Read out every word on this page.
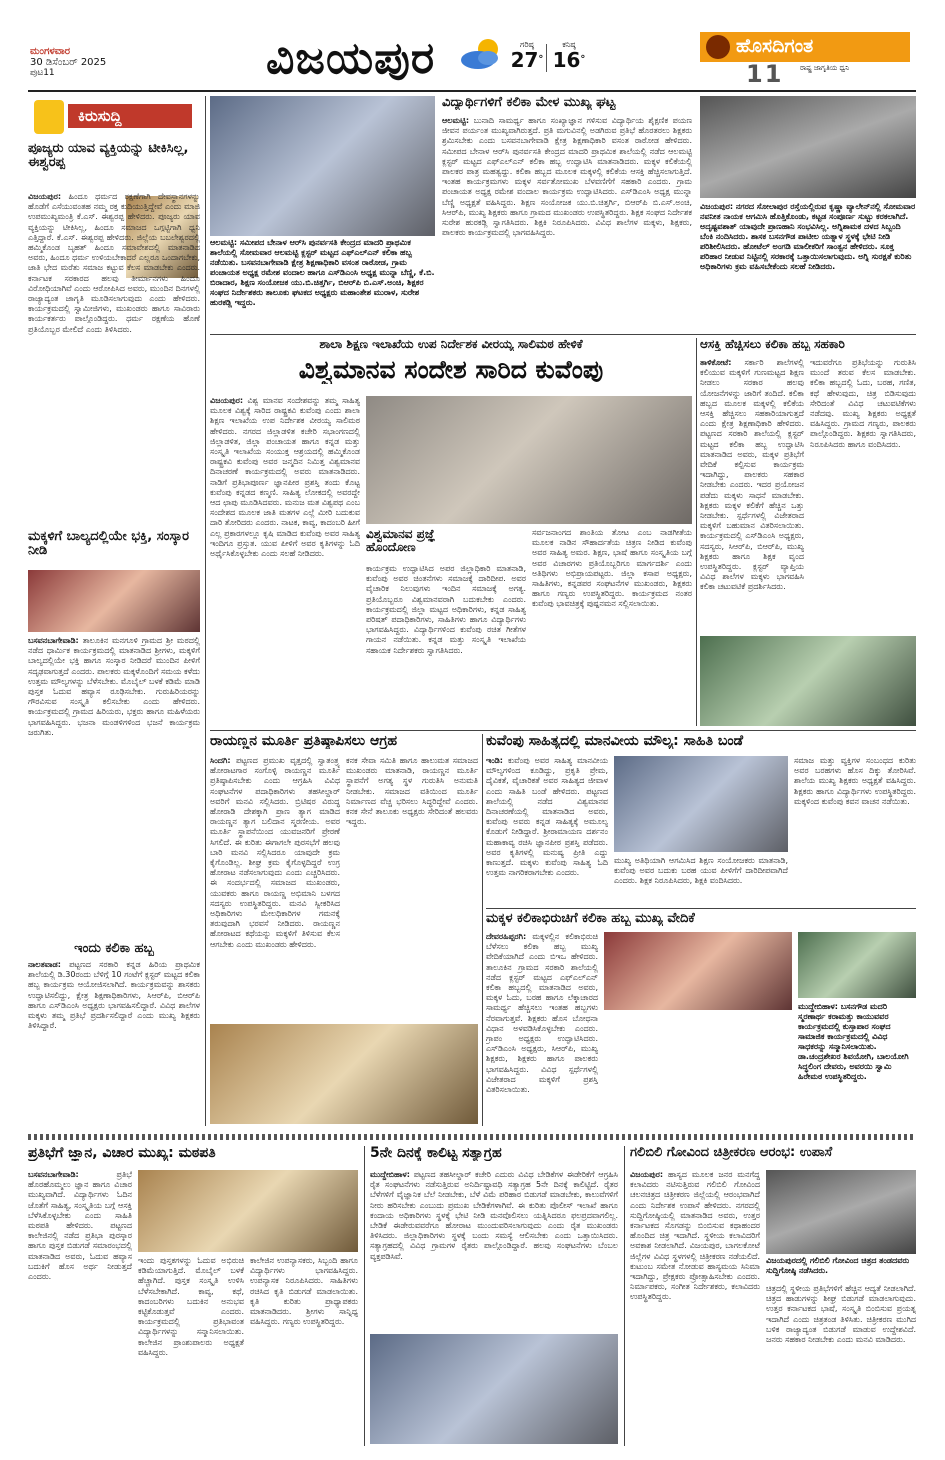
ಮಂಗಳವಾರ
30 ಡಿಸೆಂಬರ್ 2025
ಪುಟ11	ವಿಜಯಪುರ	ಗರಿಷ್ಠ
27°
ಕನಿಷ್ಠ
16°
ಹೊಸದಿಗಂತ
ರಾಷ್ಟ್ರ ಜಾಗೃತಿಯ ಧ್ವನಿ
11
ಕಿರುಸುದ್ದಿ
ಪೂಜ್ಯರು ಯಾವ ವ್ಯಕ್ತಿಯನ್ನು ಟೀಕಿಸಿಲ್ಲ, ಈಶ್ವರಪ್ಪ
ವಿಜಯಪುರ: ಹಿಂದೂ ಧರ್ಮದ ರಕ್ಷಣೆಗಾಗಿ ದೇವಸ್ಥಾನಗಳನ್ನು ಹೊಡೆಗೆ ಎಸೆಯುವಂತಹ ನಮ್ಮ ರಕ್ತ ಕುದಿಯುತ್ತಿದ್ದೇವೆ ಎಂದು ಮಾಜಿ ಉಪಮುಖ್ಯಮಂತ್ರಿ ಕೆ.ಎಸ್. ಈಶ್ವರಪ್ಪ ಹೇಳಿದರು. ಪೂಜ್ಯರು ಯಾವ ವ್ಯಕ್ತಿಯನ್ನು ಟೀಕಿಸಿಲ್ಲ, ಹಿಂದೂ ಸಮಾಜದ ಒಗ್ಗಟ್ಟಿಗಾಗಿ ಧ್ವನಿ ಎತ್ತಿದ್ದಾರೆ. ಕೆ.ಎಸ್. ಈಶ್ವರಪ್ಪ ಹೇಳಿದರು. ಜಿಲ್ಲೆಯ ಬಬಲೇಶ್ವರದಲ್ಲಿ ಹಮ್ಮಿಕೊಂಡ ಬೃಹತ್ ಹಿಂದೂ ಸಮಾವೇಶದಲ್ಲಿ ಮಾತನಾಡಿದ ಅವರು, ಹಿಂದೂ ಧರ್ಮ ಉಳಿಯಬೇಕಾದರೆ ಎಲ್ಲರೂ ಒಂದಾಗಬೇಕು, ಜಾತಿ ಭೇದ ಮರೆತು ಸಮಾಜ ಕಟ್ಟುವ ಕೆಲಸ ಮಾಡಬೇಕು ಎಂದರು. ಕರ್ನಾಟಕ ಸರಕಾರದ ಹಲವು ತೀರ್ಮಾನಗಳು ಹಿಂದೂ ವಿರೋಧಿಯಾಗಿವೆ ಎಂದು ಆರೋಪಿಸಿದ ಅವರು, ಮುಂದಿನ ದಿನಗಳಲ್ಲಿ ರಾಜ್ಯಾದ್ಯಂತ ಜಾಗೃತಿ ಮೂಡಿಸಲಾಗುವುದು ಎಂದು ಹೇಳಿದರು. ಕಾರ್ಯಕ್ರಮದಲ್ಲಿ ಸ್ವಾಮೀಜಿಗಳು, ಮುಖಂಡರು ಹಾಗೂ ಸಾವಿರಾರು ಕಾರ್ಯಕರ್ತರು ಪಾಲ್ಗೊಂಡಿದ್ದರು. ಧರ್ಮ ರಕ್ಷಣೆಯ ಹೊಣೆ ಪ್ರತಿಯೊಬ್ಬರ ಮೇಲಿದೆ ಎಂದು ತಿಳಿಸಿದರು.
ಮಕ್ಕಳಿಗೆ ಬಾಲ್ಯದಲ್ಲಿಯೇ ಭಕ್ತಿ, ಸಂಸ್ಕಾರ ನೀಡಿ
ಬಸವನಬಾಗೇವಾಡಿ: ತಾಲೂಕಿನ ಮನಗೂಳಿ ಗ್ರಾಮದ ಶ್ರೀ ಮಠದಲ್ಲಿ ನಡೆದ ಧಾರ್ಮಿಕ ಕಾರ್ಯಕ್ರಮದಲ್ಲಿ ಮಾತನಾಡಿದ ಶ್ರೀಗಳು, ಮಕ್ಕಳಿಗೆ ಬಾಲ್ಯದಲ್ಲಿಯೇ ಭಕ್ತಿ ಹಾಗೂ ಸಂಸ್ಕಾರ ನೀಡಿದರೆ ಮುಂದಿನ ಪೀಳಿಗೆ ಸದೃಢವಾಗುತ್ತದೆ ಎಂದರು. ಪಾಲಕರು ಮಕ್ಕಳೊಂದಿಗೆ ಸಮಯ ಕಳೆದು ಉತ್ತಮ ಮೌಲ್ಯಗಳನ್ನು ಬೆಳೆಸಬೇಕು. ಮೊಬೈಲ್ ಬಳಕೆ ಕಡಿಮೆ ಮಾಡಿ ಪುಸ್ತಕ ಓದುವ ಹವ್ಯಾಸ ರೂಢಿಸಬೇಕು. ಗುರುಹಿರಿಯರನ್ನು ಗೌರವಿಸುವ ಸಂಸ್ಕೃತಿ ಕಲಿಸಬೇಕು ಎಂದು ಹೇಳಿದರು. ಕಾರ್ಯಕ್ರಮದಲ್ಲಿ ಗ್ರಾಮದ ಹಿರಿಯರು, ಭಕ್ತರು ಹಾಗೂ ಮಹಿಳೆಯರು ಭಾಗವಹಿಸಿದ್ದರು. ಭಜನಾ ಮಂಡಳಿಗಳಿಂದ ಭಜನೆ ಕಾರ್ಯಕ್ರಮ ಜರುಗಿತು.
ಇಂದು ಕಲಿಕಾ ಹಬ್ಬ
ನಾಲತವಾಡ: ಪಟ್ಟಣದ ಸರಕಾರಿ ಕನ್ನಡ ಹಿರಿಯ ಪ್ರಾಥಮಿಕ ಶಾಲೆಯಲ್ಲಿ ಡಿ.30ರಂದು ಬೆಳಿಗ್ಗೆ 10 ಗಂಟೆಗೆ ಕ್ಲಸ್ಟರ್ ಮಟ್ಟದ ಕಲಿಕಾ ಹಬ್ಬ ಕಾರ್ಯಕ್ರಮ ಆಯೋಜಿಸಲಾಗಿದೆ. ಕಾರ್ಯಕ್ರಮವನ್ನು ಶಾಸಕರು ಉದ್ಘಾಟಿಸಲಿದ್ದು, ಕ್ಷೇತ್ರ ಶಿಕ್ಷಣಾಧಿಕಾರಿಗಳು, ಸಿಆರ್‌ಪಿ, ಬಿಆರ್‌ಪಿ ಹಾಗೂ ಎಸ್‌ಡಿಎಂಸಿ ಅಧ್ಯಕ್ಷರು ಭಾಗವಹಿಸಲಿದ್ದಾರೆ. ವಿವಿಧ ಶಾಲೆಗಳ ಮಕ್ಕಳು ತಮ್ಮ ಪ್ರತಿಭೆ ಪ್ರದರ್ಶಿಸಲಿದ್ದಾರೆ ಎಂದು ಮುಖ್ಯ ಶಿಕ್ಷಕರು ತಿಳಿಸಿದ್ದಾರೆ.
ಆಲಮಟ್ಟಿ: ಸಮೀಪದ ಬೇನಾಳ ಆರ್‌ಸಿ ಪುನರ್ವಸತಿ ಕೇಂದ್ರದ ಮಾದರಿ ಪ್ರಾಥಮಿಕ ಶಾಲೆಯಲ್ಲಿ ಸೋಮವಾರ ಆಲಮಟ್ಟಿ ಕ್ಲಸ್ಟರ್ ಮಟ್ಟದ ಎಫ್‌ಎಲ್‌ಎನ್ ಕಲಿಕಾ ಹಬ್ಬ ನಡೆಯಿತು. ಬಸವನಬಾಗೇವಾಡಿ ಕ್ಷೇತ್ರ ಶಿಕ್ಷಣಾಧಿಕಾರಿ ವಸಂತ ರಾಠೋಡ, ಗ್ರಾಮ ಪಂಚಾಯತ ಅಧ್ಯಕ್ಷ ರಮೇಶ ವಂದಾಲ ಹಾಗೂ ಎಸ್‌ಡಿಎಂಸಿ ಅಧ್ಯಕ್ಷ ಮುನ್ನಾ ಬೆಣ್ಣಿ, ಕೆ.ಬಿ. ಬಿರಾದಾರ, ಶಿಕ್ಷಣ ಸಂಯೋಜಕ ಯು.ಬಿ.ಚಿತ್ತರ್ಗಿ, ಬಿಆರ್‌ಪಿ ಬಿ.ಎಸ್.ಅಂಚಿ, ಶಿಕ್ಷಕರ ಸಂಘದ ನಿರ್ದೇಶಕರು ತಾಲೂಕು ಘಟಕದ ಅಧ್ಯಕ್ಷರು ಮಹಾಂತೇಶ ಮುರಾಳ, ಸುರೇಶ ಹುರಕಡ್ಲಿ ಇದ್ದರು.
ವಿದ್ಯಾರ್ಥಿಗಳಿಗೆ ಕಲಿಕಾ ಮೇಳ ಮುಖ್ಯ ಘಟ್ಟ
ಆಲಮಟ್ಟಿ: ಬುನಾದಿ ಸಾಮರ್ಥ್ಯ ಹಾಗೂ ಸಂಖ್ಯಾಜ್ಞಾನ ಗಳಿಸುವ ವಿದ್ಯಾರ್ಥಿಯ ಶೈಕ್ಷಣಿಕ ಪಯಣ ಜೀವನ ಪರ್ಯಂತ ಮುಖ್ಯವಾಗಿರುತ್ತದೆ. ಪ್ರತಿ ಮಗುವಿನಲ್ಲಿ ಅಡಗಿರುವ ಪ್ರತಿಭೆ ಹೊರತರಲು ಶಿಕ್ಷಕರು ಶ್ರಮಿಸಬೇಕು ಎಂದು ಬಸವನಬಾಗೇವಾಡಿ ಕ್ಷೇತ್ರ ಶಿಕ್ಷಣಾಧಿಕಾರಿ ವಸಂತ ರಾಠೋಡ ಹೇಳಿದರು. ಸಮೀಪದ ಬೇನಾಳ ಆರ್‌ಸಿ ಪುನರ್ವಸತಿ ಕೇಂದ್ರದ ಮಾದರಿ ಪ್ರಾಥಮಿಕ ಶಾಲೆಯಲ್ಲಿ ನಡೆದ ಆಲಮಟ್ಟಿ ಕ್ಲಸ್ಟರ್ ಮಟ್ಟದ ಎಫ್‌ಎಲ್‌ಎನ್ ಕಲಿಕಾ ಹಬ್ಬ ಉದ್ಘಾಟಿಸಿ ಮಾತನಾಡಿದರು. ಮಕ್ಕಳ ಕಲಿಕೆಯಲ್ಲಿ ಪಾಲಕರ ಪಾತ್ರ ಮಹತ್ವದ್ದು. ಕಲಿಕಾ ಹಬ್ಬದ ಮೂಲಕ ಮಕ್ಕಳಲ್ಲಿ ಕಲಿಕೆಯ ಆಸಕ್ತಿ ಹೆಚ್ಚಿಸಲಾಗುತ್ತಿದೆ. ಇಂತಹ ಕಾರ್ಯಕ್ರಮಗಳು ಮಕ್ಕಳ ಸರ್ವತೋಮುಖ ಬೆಳವಣಿಗೆಗೆ ಸಹಕಾರಿ ಎಂದರು. ಗ್ರಾಮ ಪಂಚಾಯತ ಅಧ್ಯಕ್ಷ ರಮೇಶ ವಂದಾಲ ಕಾರ್ಯಕ್ರಮ ಉದ್ಘಾಟಿಸಿದರು. ಎಸ್‌ಡಿಎಂಸಿ ಅಧ್ಯಕ್ಷ ಮುನ್ನಾ ಬೆಣ್ಣಿ ಅಧ್ಯಕ್ಷತೆ ವಹಿಸಿದ್ದರು. ಶಿಕ್ಷಣ ಸಂಯೋಜಕ ಯು.ಬಿ.ಚಿತ್ತರ್ಗಿ, ಬಿಆರ್‌ಪಿ ಬಿ.ಎಸ್.ಅಂಚಿ, ಸಿಆರ್‌ಪಿ, ಮುಖ್ಯ ಶಿಕ್ಷಕರು ಹಾಗೂ ಗ್ರಾಮದ ಮುಖಂಡರು ಉಪಸ್ಥಿತರಿದ್ದರು. ಶಿಕ್ಷಕ ಸಂಘದ ನಿರ್ದೇಶಕ ಸುರೇಶ ಹುರಕಡ್ಲಿ ಸ್ವಾಗತಿಸಿದರು. ಶಿಕ್ಷಕಿ ನಿರೂಪಿಸಿದರು. ವಿವಿಧ ಶಾಲೆಗಳ ಮಕ್ಕಳು, ಶಿಕ್ಷಕರು, ಪಾಲಕರು ಕಾರ್ಯಕ್ರಮದಲ್ಲಿ ಭಾಗವಹಿಸಿದ್ದರು.
ವಿಜಯಪುರ: ನಗರದ ಸೋಲಾಪುರ ರಸ್ತೆಯಲ್ಲಿರುವ ಕೃಷ್ಣಾ ವ್ಯಾಲೇನ್‌ನಲ್ಲಿ ಸೋಮವಾರ ನವನೀತ ನಾಯಕ ಆಗಮಿಸಿ ಹೊತ್ತಿಕೊಂಡು, ಕಟ್ಟಡ ಸಂಪೂರ್ಣ ಸುಟ್ಟು ಕರಕಲಾಗಿದೆ. ಅದೃಷ್ಟವಶಾತ್ ಯಾವುದೇ ಪ್ರಾಣಹಾನಿ ಸಂಭವಿಸಿಲ್ಲ. ಅಗ್ನಿಶಾಮಕ ದಳದ ಸಿಬ್ಬಂದಿ ಬೆಂಕಿ ನಂದಿಸಿದರು. ಶಾಸಕ ಬಸನಗೌಡ ಪಾಟೀಲ ಯತ್ನಾಳ ಸ್ಥಳಕ್ಕೆ ಭೇಟಿ ನೀಡಿ ಪರಿಶೀಲಿಸಿದರು. ಹೋಟೆಲ್ ಅಂಗಡಿ ಮಾಲೀಕರಿಗೆ ಸಾಂತ್ವನ ಹೇಳಿದರು. ಸೂಕ್ತ ಪರಿಹಾರ ನೀಡುವ ನಿಟ್ಟಿನಲ್ಲಿ ಸರಕಾರಕ್ಕೆ ಒತ್ತಾಯಿಸಲಾಗುವುದು. ಅಗ್ನಿ ಸುರಕ್ಷತೆ ಕುರಿತು ಅಧಿಕಾರಿಗಳು ಕ್ರಮ ವಹಿಸಬೇಕೆಂದು ಸಲಹೆ ನೀಡಿದರು.
ಶಾಲಾ ಶಿಕ್ಷಣ ಇಲಾಖೆಯ ಉಪ ನಿರ್ದೇಶಕ ವೀರಯ್ಯ ಸಾಲಿಮಠ ಹೇಳಿಕೆ
ವಿಶ್ವಮಾನವ ಸಂದೇಶ ಸಾರಿದ ಕುವೆಂಪು
ವಿಜಯಪುರ: ವಿಶ್ವ ಮಾನವ ಸಂದೇಶವನ್ನು ತಮ್ಮ ಸಾಹಿತ್ಯ ಮೂಲಕ ವಿಶ್ವಕ್ಕೆ ಸಾರಿದ ರಾಷ್ಟ್ರಕವಿ ಕುವೆಂಪು ಎಂದು ಶಾಲಾ ಶಿಕ್ಷಣ ಇಲಾಖೆಯ ಉಪ ನಿರ್ದೇಶಕ ವೀರಯ್ಯ ಸಾಲಿಮಠ ಹೇಳಿದರು. ನಗರದ ಜಿಲ್ಲಾಡಳಿತ ಕಚೇರಿ ಸಭಾಂಗಣದಲ್ಲಿ ಜಿಲ್ಲಾಡಳಿತ, ಜಿಲ್ಲಾ ಪಂಚಾಯತ ಹಾಗೂ ಕನ್ನಡ ಮತ್ತು ಸಂಸ್ಕೃತಿ ಇಲಾಖೆಯ ಸಂಯುಕ್ತ ಆಶ್ರಯದಲ್ಲಿ ಹಮ್ಮಿಕೊಂಡ ರಾಷ್ಟ್ರಕವಿ ಕುವೆಂಪು ಅವರ ಜನ್ಮದಿನ ನಿಮಿತ್ತ ವಿಶ್ವಮಾನವ ದಿನಾಚರಣೆ ಕಾರ್ಯಕ್ರಮದಲ್ಲಿ ಅವರು ಮಾತನಾಡಿದರು. ನಾಡಿಗೆ ಪ್ರತಿಭಾಪೂರ್ಣ ಜ್ಞಾನಪೀಠ ಪ್ರಶಸ್ತಿ ತಂದು ಕೊಟ್ಟ ಕುವೆಂಪು ಕನ್ನಡದ ಕಣ್ಮಣಿ. ಸಾಹಿತ್ಯ ಲೋಕದಲ್ಲಿ ಅವರದ್ದೇ ಆದ ಛಾಪು ಮೂಡಿಸಿದವರು. ಮನುಜ ಮತ ವಿಶ್ವಪಥ ಎಂಬ ಸಂದೇಶದ ಮೂಲಕ ಜಾತಿ ಮತಗಳ ಎಲ್ಲೆ ಮೀರಿ ಬದುಕುವ ದಾರಿ ತೋರಿದರು ಎಂದರು. ನಾಟಕ, ಕಾವ್ಯ, ಕಾದಂಬರಿ ಹೀಗೆ ಎಲ್ಲ ಪ್ರಕಾರಗಳಲ್ಲೂ ಕೃಷಿ ಮಾಡಿದ ಕುವೆಂಪು ಅವರ ಸಾಹಿತ್ಯ ಇಂದಿಗೂ ಪ್ರಸ್ತುತ. ಯುವ ಪೀಳಿಗೆ ಅವರ ಕೃತಿಗಳನ್ನು ಓದಿ ಅರ್ಥೈಸಿಕೊಳ್ಳಬೇಕು ಎಂದು ಸಲಹೆ ನೀಡಿದರು.
ವಿಶ್ವಮಾನವ ಪ್ರಜ್ಞೆ
ಹೊಂದೋಣ
ಕಾರ್ಯಕ್ರಮ ಉದ್ಘಾಟಿಸಿದ ಅಪರ ಜಿಲ್ಲಾಧಿಕಾರಿ ಮಾತನಾಡಿ, ಕುವೆಂಪು ಅವರ ಚಿಂತನೆಗಳು ಸಮಾಜಕ್ಕೆ ದಾರಿದೀಪ. ಅವರ ವೈಚಾರಿಕ ನಿಲುವುಗಳು ಇಂದಿನ ಸಮಾಜಕ್ಕೆ ಅಗತ್ಯ. ಪ್ರತಿಯೊಬ್ಬರೂ ವಿಶ್ವಮಾನವರಾಗಿ ಬದುಕಬೇಕು ಎಂದರು. ಕಾರ್ಯಕ್ರಮದಲ್ಲಿ ಜಿಲ್ಲಾ ಮಟ್ಟದ ಅಧಿಕಾರಿಗಳು, ಕನ್ನಡ ಸಾಹಿತ್ಯ ಪರಿಷತ್ ಪದಾಧಿಕಾರಿಗಳು, ಸಾಹಿತಿಗಳು ಹಾಗೂ ವಿದ್ಯಾರ್ಥಿಗಳು ಭಾಗವಹಿಸಿದ್ದರು. ವಿದ್ಯಾರ್ಥಿಗಳಿಂದ ಕುವೆಂಪು ರಚಿತ ಗೀತೆಗಳ ಗಾಯನ ನಡೆಯಿತು. ಕನ್ನಡ ಮತ್ತು ಸಂಸ್ಕೃತಿ ಇಲಾಖೆಯ ಸಹಾಯಕ ನಿರ್ದೇಶಕರು ಸ್ವಾಗತಿಸಿದರು.
ಸರ್ವಜನಾಂಗದ ಶಾಂತಿಯ ತೋಟ ಎಂಬ ನಾಡಗೀತೆಯ ಮೂಲಕ ನಾಡಿನ ಸೌಹಾರ್ದತೆಯ ಚಿತ್ರಣ ನೀಡಿದ ಕುವೆಂಪು ಅವರ ಸಾಹಿತ್ಯ ಅಮರ. ಶಿಕ್ಷಣ, ಭಾಷೆ ಹಾಗೂ ಸಂಸ್ಕೃತಿಯ ಬಗ್ಗೆ ಅವರ ವಿಚಾರಗಳು ಪ್ರತಿಯೊಬ್ಬರಿಗೂ ಮಾರ್ಗದರ್ಶಿ ಎಂದು ಅತಿಥಿಗಳು ಅಭಿಪ್ರಾಯಪಟ್ಟರು. ಜಿಲ್ಲಾ ಕಸಾಪ ಅಧ್ಯಕ್ಷರು, ಸಾಹಿತಿಗಳು, ಕನ್ನಡಪರ ಸಂಘಟನೆಗಳ ಮುಖಂಡರು, ಶಿಕ್ಷಕರು ಹಾಗೂ ಗಣ್ಯರು ಉಪಸ್ಥಿತರಿದ್ದರು. ಕಾರ್ಯಕ್ರಮದ ನಂತರ ಕುವೆಂಪು ಭಾವಚಿತ್ರಕ್ಕೆ ಪುಷ್ಪನಮನ ಸಲ್ಲಿಸಲಾಯಿತು.
ಆಸಕ್ತಿ ಹೆಚ್ಚಿಸಲು ಕಲಿಕಾ ಹಬ್ಬ ಸಹಕಾರಿ
ತಾಳಿಕೋಟೆ: ಸರ್ಕಾರಿ ಶಾಲೆಗಳಲ್ಲಿ ಕಲಿಯುವ ಮಕ್ಕಳಿಗೆ ಗುಣಮಟ್ಟದ ಶಿಕ್ಷಣ ನೀಡಲು ಸರಕಾರ ಹಲವು ಯೋಜನೆಗಳನ್ನು ಜಾರಿಗೆ ತಂದಿದೆ. ಕಲಿಕಾ ಹಬ್ಬದ ಮೂಲಕ ಮಕ್ಕಳಲ್ಲಿ ಕಲಿಕೆಯ ಆಸಕ್ತಿ ಹೆಚ್ಚಿಸಲು ಸಹಕಾರಿಯಾಗುತ್ತದೆ ಎಂದು ಕ್ಷೇತ್ರ ಶಿಕ್ಷಣಾಧಿಕಾರಿ ಹೇಳಿದರು. ಪಟ್ಟಣದ ಸರಕಾರಿ ಶಾಲೆಯಲ್ಲಿ ಕ್ಲಸ್ಟರ್ ಮಟ್ಟದ ಕಲಿಕಾ ಹಬ್ಬ ಉದ್ಘಾಟಿಸಿ ಮಾತನಾಡಿದ ಅವರು, ಮಕ್ಕಳ ಪ್ರತಿಭೆಗೆ ವೇದಿಕೆ ಕಲ್ಪಿಸುವ ಕಾರ್ಯಕ್ರಮ ಇದಾಗಿದ್ದು, ಪಾಲಕರು ಸಹಕಾರ ನೀಡಬೇಕು ಎಂದರು. ಇದರ ಪ್ರಯೋಜನ ಪಡೆದು ಮಕ್ಕಳು ಸಾಧನೆ ಮಾಡಬೇಕು. ಶಿಕ್ಷಕರು ಮಕ್ಕಳ ಕಲಿಕೆಗೆ ಹೆಚ್ಚಿನ ಒತ್ತು ನೀಡಬೇಕು. ಸ್ಪರ್ಧೆಗಳಲ್ಲಿ ವಿಜೇತರಾದ ಮಕ್ಕಳಿಗೆ ಬಹುಮಾನ ವಿತರಿಸಲಾಯಿತು. ಕಾರ್ಯಕ್ರಮದಲ್ಲಿ ಎಸ್‌ಡಿಎಂಸಿ ಅಧ್ಯಕ್ಷರು, ಸದಸ್ಯರು, ಸಿಆರ್‌ಪಿ, ಬಿಆರ್‌ಪಿ, ಮುಖ್ಯ ಶಿಕ್ಷಕರು ಹಾಗೂ ಶಿಕ್ಷಕ ವೃಂದ ಉಪಸ್ಥಿತರಿದ್ದರು. ಕ್ಲಸ್ಟರ್ ವ್ಯಾಪ್ತಿಯ ವಿವಿಧ ಶಾಲೆಗಳ ಮಕ್ಕಳು ಭಾಗವಹಿಸಿ ಕಲಿಕಾ ಚಟುವಟಿಕೆ ಪ್ರದರ್ಶಿಸಿದರು.
ಇದುವರೆಗೂ ಪ್ರತಿಭೆಯನ್ನು ಗುರುತಿಸಿ ಮುಂದೆ ತರುವ ಕೆಲಸ ಮಾಡಬೇಕು. ಕಲಿಕಾ ಹಬ್ಬದಲ್ಲಿ ಓದು, ಬರಹ, ಗಣಿತ, ಕಥೆ ಹೇಳುವುದು, ಚಿತ್ರ ಬಿಡಿಸುವುದು ಸೇರಿದಂತೆ ವಿವಿಧ ಚಟುವಟಿಕೆಗಳು ನಡೆದವು. ಮುಖ್ಯ ಶಿಕ್ಷಕರು ಅಧ್ಯಕ್ಷತೆ ವಹಿಸಿದ್ದರು. ಗ್ರಾಮದ ಗಣ್ಯರು, ಪಾಲಕರು ಪಾಲ್ಗೊಂಡಿದ್ದರು. ಶಿಕ್ಷಕರು ಸ್ವಾಗತಿಸಿದರು, ನಿರೂಪಿಸಿದರು ಹಾಗೂ ವಂದಿಸಿದರು.
ರಾಯಣ್ಣನ ಮೂರ್ತಿ ಪ್ರತಿಷ್ಠಾಪಿಸಲು ಆಗ್ರಹ
ಸಿಂದಗಿ: ಪಟ್ಟಣದ ಪ್ರಮುಖ ವೃತ್ತದಲ್ಲಿ ಸ್ವಾತಂತ್ರ್ಯ ಹೋರಾಟಗಾರ ಸಂಗೊಳ್ಳಿ ರಾಯಣ್ಣನ ಮೂರ್ತಿ ಪ್ರತಿಷ್ಠಾಪಿಸಬೇಕು ಎಂದು ಆಗ್ರಹಿಸಿ ವಿವಿಧ ಸಂಘಟನೆಗಳ ಪದಾಧಿಕಾರಿಗಳು ತಹಸೀಲ್ದಾರ್ ಅವರಿಗೆ ಮನವಿ ಸಲ್ಲಿಸಿದರು. ಬ್ರಿಟಿಷರ ವಿರುದ್ಧ ಹೋರಾಡಿ ದೇಶಕ್ಕಾಗಿ ಪ್ರಾಣ ತ್ಯಾಗ ಮಾಡಿದ ರಾಯಣ್ಣನ ತ್ಯಾಗ ಬಲಿದಾನ ಸ್ಮರಣೀಯ. ಅವರ ಮೂರ್ತಿ ಸ್ಥಾಪನೆಯಿಂದ ಯುವಜನರಿಗೆ ಪ್ರೇರಣೆ ಸಿಗಲಿದೆ. ಈ ಕುರಿತು ಈಗಾಗಲೇ ಪುರಸಭೆಗೆ ಹಲವು ಬಾರಿ ಮನವಿ ಸಲ್ಲಿಸಿದರೂ ಯಾವುದೇ ಕ್ರಮ ಕೈಗೊಂಡಿಲ್ಲ. ಶೀಘ್ರ ಕ್ರಮ ಕೈಗೊಳ್ಳದಿದ್ದರೆ ಉಗ್ರ ಹೋರಾಟ ನಡೆಸಲಾಗುವುದು ಎಂದು ಎಚ್ಚರಿಸಿದರು. ಈ ಸಂದರ್ಭದಲ್ಲಿ ಸಮಾಜದ ಮುಖಂಡರು, ಯುವಕರು ಹಾಗೂ ರಾಯಣ್ಣ ಅಭಿಮಾನಿ ಬಳಗದ ಸದಸ್ಯರು ಉಪಸ್ಥಿತರಿದ್ದರು. ಮನವಿ ಸ್ವೀಕರಿಸಿದ ಅಧಿಕಾರಿಗಳು ಮೇಲಧಿಕಾರಿಗಳ ಗಮನಕ್ಕೆ ತರುವುದಾಗಿ ಭರವಸೆ ನೀಡಿದರು. ರಾಯಣ್ಣನ ಹೋರಾಟದ ಕಥೆಯನ್ನು ಮಕ್ಕಳಿಗೆ ತಿಳಿಸುವ ಕೆಲಸ ಆಗಬೇಕು ಎಂದು ಮುಖಂಡರು ಹೇಳಿದರು.
ಕನಕ ಸೇವಾ ಸಮಿತಿ ಹಾಗೂ ಹಾಲುಮತ ಸಮಾಜದ ಮುಖಂಡರು ಮಾತನಾಡಿ, ರಾಯಣ್ಣನ ಮೂರ್ತಿ ಸ್ಥಾಪನೆಗೆ ಅಗತ್ಯ ಸ್ಥಳ ಗುರುತಿಸಿ ಅನುಮತಿ ನೀಡಬೇಕು. ಸಮಾಜದ ವತಿಯಿಂದ ಮೂರ್ತಿ ನಿರ್ಮಾಣದ ವೆಚ್ಚ ಭರಿಸಲು ಸಿದ್ಧರಿದ್ದೇವೆ ಎಂದರು. ಕನಕ ಸೇನೆ ತಾಲೂಕು ಅಧ್ಯಕ್ಷರು ಸೇರಿದಂತೆ ಹಲವರು ಇದ್ದರು.
ಕುವೆಂಪು ಸಾಹಿತ್ಯದಲ್ಲಿ ಮಾನವೀಯ ಮೌಲ್ಯ: ಸಾಹಿತಿ ಬಂಡೆ
ಇಂಡಿ: ಕುವೆಂಪು ಅವರ ಸಾಹಿತ್ಯ ಮಾನವೀಯ ಮೌಲ್ಯಗಳಿಂದ ಕೂಡಿದ್ದು, ಪ್ರಕೃತಿ ಪ್ರೇಮ, ದೈವಿಕತೆ, ವೈಚಾರಿಕತೆ ಅವರ ಸಾಹಿತ್ಯದ ಜೀವಾಳ ಎಂದು ಸಾಹಿತಿ ಬಂಡೆ ಹೇಳಿದರು. ಪಟ್ಟಣದ ಶಾಲೆಯಲ್ಲಿ ನಡೆದ ವಿಶ್ವಮಾನವ ದಿನಾಚರಣೆಯಲ್ಲಿ ಮಾತನಾಡಿದ ಅವರು, ಕುವೆಂಪು ಅವರು ಕನ್ನಡ ಸಾಹಿತ್ಯಕ್ಕೆ ಅಮೂಲ್ಯ ಕೊಡುಗೆ ನೀಡಿದ್ದಾರೆ. ಶ್ರೀರಾಮಾಯಣ ದರ್ಶನಂ ಮಹಾಕಾವ್ಯ ರಚಿಸಿ ಜ್ಞಾನಪೀಠ ಪ್ರಶಸ್ತಿ ಪಡೆದರು. ಅವರ ಕೃತಿಗಳಲ್ಲಿ ಮನುಷ್ಯ ಪ್ರೀತಿ ಎದ್ದು ಕಾಣುತ್ತದೆ. ಮಕ್ಕಳು ಕುವೆಂಪು ಸಾಹಿತ್ಯ ಓದಿ ಉತ್ತಮ ನಾಗರಿಕರಾಗಬೇಕು ಎಂದರು.
ಮುಖ್ಯ ಅತಿಥಿಯಾಗಿ ಆಗಮಿಸಿದ ಶಿಕ್ಷಣ ಸಂಯೋಜಕರು ಮಾತನಾಡಿ, ಕುವೆಂಪು ಅವರ ಬದುಕು ಬರಹ ಯುವ ಪೀಳಿಗೆಗೆ ದಾರಿದೀಪವಾಗಿದೆ ಎಂದರು. ಶಿಕ್ಷಕ ನಿರೂಪಿಸಿದರು, ಶಿಕ್ಷಕಿ ವಂದಿಸಿದರು.
ಸಮಾಜ ಮತ್ತು ವ್ಯಕ್ತಿಗಳ ಸಂಬಂಧದ ಕುರಿತು ಅವರ ಬರಹಗಳು ಹೊಸ ದಿಕ್ಕು ತೋರಿಸಿವೆ. ಶಾಲೆಯ ಮುಖ್ಯ ಶಿಕ್ಷಕರು ಅಧ್ಯಕ್ಷತೆ ವಹಿಸಿದ್ದರು. ಶಿಕ್ಷಕರು ಹಾಗೂ ವಿದ್ಯಾರ್ಥಿಗಳು ಉಪಸ್ಥಿತರಿದ್ದರು. ಮಕ್ಕಳಿಂದ ಕುವೆಂಪು ಕವನ ವಾಚನ ನಡೆಯಿತು.
ಮಕ್ಕಳ ಕಲಿಕಾಭಿರುಚಿಗೆ ಕಲಿಕಾ ಹಬ್ಬ ಮುಖ್ಯ ವೇದಿಕೆ
ದೇವರಹಿಪ್ಪರಗಿ: ಮಕ್ಕಳಲ್ಲಿನ ಕಲಿಕಾಭಿರುಚಿ ಬೆಳೆಸಲು ಕಲಿಕಾ ಹಬ್ಬ ಮುಖ್ಯ ವೇದಿಕೆಯಾಗಿದೆ ಎಂದು ಬಿಇಒ ಹೇಳಿದರು. ತಾಲೂಕಿನ ಗ್ರಾಮದ ಸರಕಾರಿ ಶಾಲೆಯಲ್ಲಿ ನಡೆದ ಕ್ಲಸ್ಟರ್ ಮಟ್ಟದ ಎಫ್‌ಎಲ್‌ಎನ್ ಕಲಿಕಾ ಹಬ್ಬದಲ್ಲಿ ಮಾತನಾಡಿದ ಅವರು, ಮಕ್ಕಳ ಓದು, ಬರಹ ಹಾಗೂ ಲೆಕ್ಕಾಚಾರದ ಸಾಮರ್ಥ್ಯ ಹೆಚ್ಚಿಸಲು ಇಂತಹ ಹಬ್ಬಗಳು ನೆರವಾಗುತ್ತವೆ. ಶಿಕ್ಷಕರು ಹೊಸ ಬೋಧನಾ ವಿಧಾನ ಅಳವಡಿಸಿಕೊಳ್ಳಬೇಕು ಎಂದರು. ಗ್ರಾಪಂ ಅಧ್ಯಕ್ಷರು ಉದ್ಘಾಟಿಸಿದರು. ಎಸ್‌ಡಿಎಂಸಿ ಅಧ್ಯಕ್ಷರು, ಸಿಆರ್‌ಪಿ, ಮುಖ್ಯ ಶಿಕ್ಷಕರು, ಶಿಕ್ಷಕರು ಹಾಗೂ ಪಾಲಕರು ಭಾಗವಹಿಸಿದ್ದರು. ವಿವಿಧ ಸ್ಪರ್ಧೆಗಳಲ್ಲಿ ವಿಜೇತರಾದ ಮಕ್ಕಳಿಗೆ ಪ್ರಶಸ್ತಿ ವಿತರಿಸಲಾಯಿತು.
ಮುದ್ದೇಬಿಹಾಳ: ಬಸನಗೌಡ ಮದರಿ ಸ್ಮರಣಾರ್ಥ ಕರಾಮತ್ತು ಕಾಯುವವರ ಕಾರ್ಯಕ್ರಮದಲ್ಲಿ ಕುಸ್ತಾಪಾರ ಸಂಘದ ಸಾಮಾಜಿಕ ಕಾರ್ಯಕ್ರಮದಲ್ಲಿ ವಿವಿಧ ಸಾಧಕರನ್ನು ಸನ್ಮಾನಿಸಲಾಯಿತು. ಡಾ.ಚಂದ್ರಶೇಖರ ಶಿವಯೋಗಿ, ಬಾಲಯೋಗಿ ಸಿದ್ಧಲಿಂಗ ದೇವರು, ಅವರಯಿ ಸ್ವಾಮಿ ಹಿರೇಮಠ ಉಪಸ್ಥಿತರಿದ್ದರು.
ಪ್ರತಿಭೆಗೆ ಜ್ಞಾನ, ವಿಚಾರ ಮುಖ್ಯ: ಮಠಪತಿ
ಬಸವನಬಾಗೇವಾಡಿ:	ಪ್ರತಿಭೆ ಹೊರಹೊಮ್ಮಲು ಜ್ಞಾನ ಹಾಗೂ ವಿಚಾರ ಮುಖ್ಯವಾಗಿದೆ. ವಿದ್ಯಾರ್ಥಿಗಳು ಓದಿನ ಜೊತೆಗೆ ಸಾಹಿತ್ಯ, ಸಂಸ್ಕೃತಿಯ ಬಗ್ಗೆ ಆಸಕ್ತಿ ಬೆಳೆಸಿಕೊಳ್ಳಬೇಕು ಎಂದು ಸಾಹಿತಿ ಮಠಪತಿ ಹೇಳಿದರು. ಪಟ್ಟಣದ ಕಾಲೇಜಿನಲ್ಲಿ ನಡೆದ ಪ್ರತಿಭಾ ಪುರಸ್ಕಾರ ಹಾಗೂ ಪುಸ್ತಕ ಬಿಡುಗಡೆ ಸಮಾರಂಭದಲ್ಲಿ ಮಾತನಾಡಿದ ಅವರು, ಓದುವ ಹವ್ಯಾಸ ಬದುಕಿಗೆ ಹೊಸ ಅರ್ಥ ನೀಡುತ್ತದೆ ಎಂದರು.
ಇಂದು ಪುಸ್ತಕಗಳನ್ನು ಓದುವ ಅಭಿರುಚಿ ಕಡಿಮೆಯಾಗುತ್ತಿದೆ. ಮೊಬೈಲ್ ಬಳಕೆ ಹೆಚ್ಚಾಗಿದೆ. ಪುಸ್ತಕ ಸಂಸ್ಕೃತಿ ಉಳಿಸಿ ಬೆಳೆಸಬೇಕಾಗಿದೆ. ಕಾವ್ಯ, ಕಥೆ, ಕಾದಂಬರಿಗಳು ಬದುಕಿನ ಅನುಭವ ಕಟ್ಟಿಕೊಡುತ್ತವೆ ಎಂದರು. ಕಾರ್ಯಕ್ರಮದಲ್ಲಿ ಪ್ರತಿಭಾವಂತ ವಿದ್ಯಾರ್ಥಿಗಳನ್ನು ಸನ್ಮಾನಿಸಲಾಯಿತು. ಕಾಲೇಜಿನ ಪ್ರಾಂಶುಪಾಲರು ಅಧ್ಯಕ್ಷತೆ ವಹಿಸಿದ್ದರು.
ಕಾಲೇಜಿನ ಉಪನ್ಯಾಸಕರು, ಸಿಬ್ಬಂದಿ ಹಾಗೂ ವಿದ್ಯಾರ್ಥಿಗಳು ಭಾಗವಹಿಸಿದ್ದರು. ಉಪನ್ಯಾಸಕ ನಿರೂಪಿಸಿದರು. ಸಾಹಿತಿಗಳು ರಚಿಸಿದ ಕೃತಿ ಬಿಡುಗಡೆ ಮಾಡಲಾಯಿತು. ಕೃತಿ ಕುರಿತು ಪ್ರಾಧ್ಯಾಪಕರು ಮಾತನಾಡಿದರು. ಶ್ರೀಗಳು ಸಾನ್ನಿಧ್ಯ ವಹಿಸಿದ್ದರು. ಗಣ್ಯರು ಉಪಸ್ಥಿತರಿದ್ದರು.
5ನೇ ದಿನಕ್ಕೆ ಕಾಲಿಟ್ಟ ಸತ್ಯಾಗ್ರಹ
ಮುದ್ದೇಬಿಹಾಳ: ಪಟ್ಟಣದ ತಹಸೀಲ್ದಾರ್ ಕಚೇರಿ ಎದುರು ವಿವಿಧ ಬೇಡಿಕೆಗಳ ಈಡೇರಿಕೆಗೆ ಆಗ್ರಹಿಸಿ ರೈತ ಸಂಘಟನೆಗಳು ನಡೆಸುತ್ತಿರುವ ಅನಿರ್ದಿಷ್ಟಾವಧಿ ಸತ್ಯಾಗ್ರಹ 5ನೇ ದಿನಕ್ಕೆ ಕಾಲಿಟ್ಟಿದೆ. ರೈತರ ಬೆಳೆಗಳಿಗೆ ವೈಜ್ಞಾನಿಕ ಬೆಲೆ ನೀಡಬೇಕು, ಬೆಳೆ ವಿಮೆ ಪರಿಹಾರ ಬಿಡುಗಡೆ ಮಾಡಬೇಕು, ಕಾಲುವೆಗಳಿಗೆ ನೀರು ಹರಿಸಬೇಕು ಎಂಬುದು ಪ್ರಮುಖ ಬೇಡಿಕೆಗಳಾಗಿವೆ. ಈ ಕುರಿತು ಪೊಲೀಸ್ ಇಲಾಖೆ ಹಾಗೂ ಕಂದಾಯ ಅಧಿಕಾರಿಗಳು ಸ್ಥಳಕ್ಕೆ ಭೇಟಿ ನೀಡಿ ಮನವೊಲಿಸಲು ಯತ್ನಿಸಿದರೂ ಫಲಪ್ರದವಾಗಲಿಲ್ಲ. ಬೇಡಿಕೆ ಈಡೇರುವವರೆಗೂ ಹೋರಾಟ ಮುಂದುವರಿಸಲಾಗುವುದು ಎಂದು ರೈತ ಮುಖಂಡರು ತಿಳಿಸಿದರು. ಜಿಲ್ಲಾಧಿಕಾರಿಗಳು ಸ್ಥಳಕ್ಕೆ ಬಂದು ಸಮಸ್ಯೆ ಆಲಿಸಬೇಕು ಎಂದು ಒತ್ತಾಯಿಸಿದರು. ಸತ್ಯಾಗ್ರಹದಲ್ಲಿ ವಿವಿಧ ಗ್ರಾಮಗಳ ರೈತರು ಪಾಲ್ಗೊಂಡಿದ್ದಾರೆ. ಹಲವು ಸಂಘಟನೆಗಳು ಬೆಂಬಲ ವ್ಯಕ್ತಪಡಿಸಿವೆ.
ಗಲಿಬಿಲಿ ಗೋವಿಂದ ಚಿತ್ರೀಕರಣ ಆರಂಭ: ಉಪಾಸೆ
ವಿಜಯಪುರ: ಹಾಸ್ಯದ ಮೂಲಕ ಜನರ ಮನಗೆದ್ದ ಕಲಾವಿದರು ನಟಿಸುತ್ತಿರುವ ಗಲಿಬಿಲಿ ಗೋವಿಂದ ಚಲನಚಿತ್ರದ ಚಿತ್ರೀಕರಣ ಜಿಲ್ಲೆಯಲ್ಲಿ ಆರಂಭವಾಗಿದೆ ಎಂದು ನಿರ್ದೇಶಕ ಉಪಾಸೆ ಹೇಳಿದರು. ನಗರದಲ್ಲಿ ಸುದ್ದಿಗೋಷ್ಠಿಯಲ್ಲಿ ಮಾತನಾಡಿದ ಅವರು, ಉತ್ತರ ಕರ್ನಾಟಕದ ಸೊಗಡನ್ನು ಬಿಂಬಿಸುವ ಕಥಾಹಂದರ ಹೊಂದಿದ ಚಿತ್ರ ಇದಾಗಿದೆ. ಸ್ಥಳೀಯ ಕಲಾವಿದರಿಗೆ ಅವಕಾಶ ನೀಡಲಾಗಿದೆ. ವಿಜಯಪುರ, ಬಾಗಲಕೋಟೆ ಜಿಲ್ಲೆಗಳ ವಿವಿಧ ಸ್ಥಳಗಳಲ್ಲಿ ಚಿತ್ರೀಕರಣ ನಡೆಯಲಿದೆ. ಕುಟುಂಬ ಸಮೇತ ನೋಡುವ ಹಾಸ್ಯಮಯ ಸಿನಿಮಾ ಇದಾಗಿದ್ದು, ಪ್ರೇಕ್ಷಕರು ಪ್ರೋತ್ಸಾಹಿಸಬೇಕು ಎಂದರು. ನಿರ್ಮಾಪಕರು, ಸಂಗೀತ ನಿರ್ದೇಶಕರು, ಕಲಾವಿದರು ಉಪಸ್ಥಿತರಿದ್ದರು.
ವಿಜಯಪುರದಲ್ಲಿ ಗಲಿಬಿಲಿ ಗೋವಿಂದ ಚಿತ್ರದ ತಂಡದವರು ಸುದ್ದಿಗೋಷ್ಠಿ ನಡೆಸಿದರು.
ಚಿತ್ರದಲ್ಲಿ ಸ್ಥಳೀಯ ಪ್ರತಿಭೆಗಳಿಗೆ ಹೆಚ್ಚಿನ ಆದ್ಯತೆ ನೀಡಲಾಗಿದೆ. ಚಿತ್ರದ ಹಾಡುಗಳನ್ನು ಶೀಘ್ರ ಬಿಡುಗಡೆ ಮಾಡಲಾಗುವುದು. ಉತ್ತರ ಕರ್ನಾಟಕದ ಭಾಷೆ, ಸಂಸ್ಕೃತಿ ಬಿಂಬಿಸುವ ಪ್ರಯತ್ನ ಇದಾಗಿದೆ ಎಂದು ಚಿತ್ರತಂಡ ತಿಳಿಸಿತು. ಚಿತ್ರೀಕರಣ ಮುಗಿದ ಬಳಿಕ ರಾಜ್ಯಾದ್ಯಂತ ಬಿಡುಗಡೆ ಮಾಡುವ ಉದ್ದೇಶವಿದೆ. ಜನರು ಸಹಕಾರ ನೀಡಬೇಕು ಎಂದು ಮನವಿ ಮಾಡಿದರು.
